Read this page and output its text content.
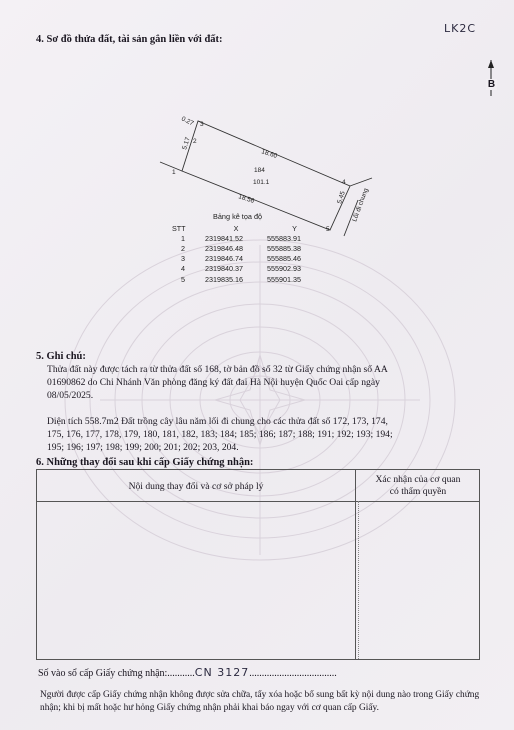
LK2C
4. Sơ đồ thửa đất, tài sản gắn liền với đất:
B
1
2
3
4
5
184
101.1
18.60
18.56
5.17
0.27
5.45 Lối đi chung
Bảng kê tọa độ
STT	X	Y
1	2319841.52	555883.91
2	2319846.48	555885.38
3	2319846.74	555885.46
4	2319840.37	555902.93
5	2319835.16	555901.35
5. Ghi chú:
Thửa đất này được tách ra từ thửa đất số 168, tờ bản đồ số 32 từ Giấy chứng nhận số AA
01690862 do Chi Nhánh Văn phòng đăng ký đất đai Hà Nội huyện Quốc Oai cấp ngày
08/05/2025.
Diện tích 558.7m2 Đất trồng cây lâu năm lối đi chung cho các thửa đất số 172, 173, 174,
175, 176, 177, 178, 179, 180, 181, 182, 183; 184; 185; 186; 187; 188; 191; 192; 193; 194;
195; 196; 197; 198; 199; 200; 201; 202; 203, 204.
6. Những thay đổi sau khi cấp Giấy chứng nhận:
Nội dung thay đổi và cơ sở pháp lý
Xác nhận của cơ quan
có thẩm quyền
Số vào sổ cấp Giấy chứng nhận:...........CN 3127...................................
Người được cấp Giấy chứng nhận không được sửa chữa, tẩy xóa hoặc bổ sung bất kỳ nội dung nào trong Giấy chứng nhận; khi bị mất hoặc hư hỏng Giấy chứng nhận phải khai báo ngay với cơ quan cấp Giấy.
